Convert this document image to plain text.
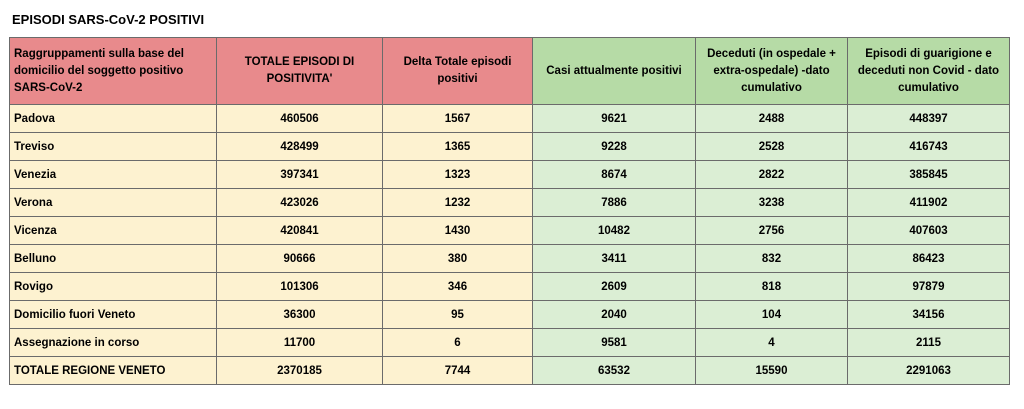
EPISODI SARS-CoV-2 POSITIVI
Raggruppamenti sulla base del domicilio del soggetto positivo SARS-CoV-2	TOTALE EPISODI DI POSITIVITA'	Delta Totale episodi positivi	Casi attualmente positivi	Deceduti (in ospedale + extra-ospedale) -dato cumulativo	Episodi di guarigione e deceduti non Covid - dato cumulativo
Padova	460506	1567	9621	2488	448397
Treviso	428499	1365	9228	2528	416743
Venezia	397341	1323	8674	2822	385845
Verona	423026	1232	7886	3238	411902
Vicenza	420841	1430	10482	2756	407603
Belluno	90666	380	3411	832	86423
Rovigo	101306	346	2609	818	97879
Domicilio fuori Veneto	36300	95	2040	104	34156
Assegnazione in corso	11700	6	9581	4	2115
TOTALE REGIONE VENETO	2370185	7744	63532	15590	2291063
